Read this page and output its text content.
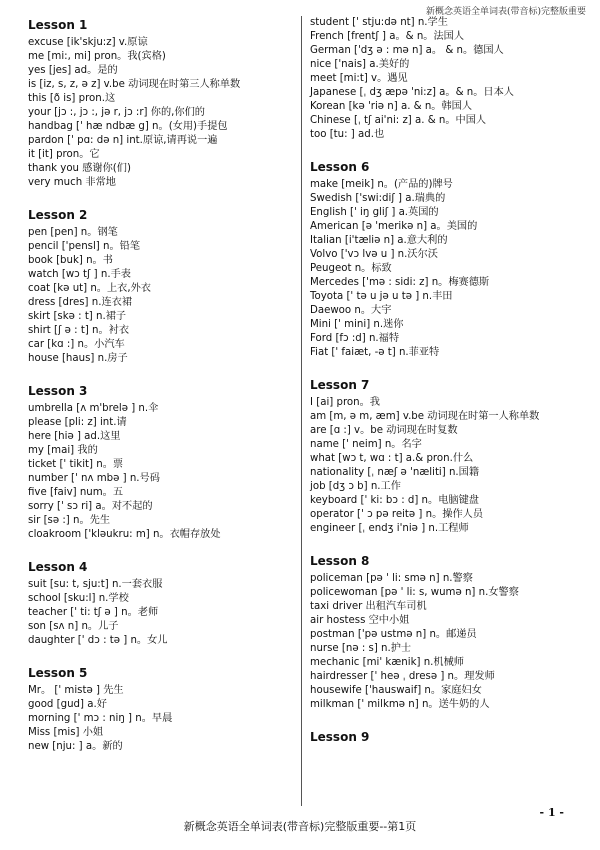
新概念英语全单词表(带音标)完整版重要
Lesson 1
excuse [ik'skju:z] v.原谅
me [mi:, mi] pron。我(宾格)
yes [jes] ad。是的
is [iz, s, z, ə z] v.be 动词现在时第三人称单数
this [ð is] pron.这
your [jɔ :, jɔ :, jə r, jɔ :r] 你的,你们的
handbag [' hæ ndbæ g] n。(女用)手提包
pardon [' pɑ: də n] int.原谅,请再说一遍
it [it] pron。它
thank you 感谢你(们)
very much 非常地
Lesson 2
pen [pen] n。钢笔
pencil ['pensl] n。铅笔
book [buk] n。书
watch [wɔ tʃ ] n.手表
coat [kə ut] n。上衣,外衣
dress [dres] n.连衣裙
skirt [skə : t] n.裙子
shirt [ʃ ə : t] n。衬衣
car [kɑ :] n。小汽车
house [haus] n.房子
Lesson 3
umbrella [ʌ m'brelə ] n.伞
please [pli: z] int.请
here [hiə ] ad.这里
my [mai] 我的
ticket [' tikit] n。票
number [' nʌ mbə ] n.号码
five [faiv] num。五
sorry [' sɔ ri] a。对不起的
sir [sə :] n。先生
cloakroom ['kləukru: m] n。衣帽存放处
Lesson 4
suit [su: t, sju:t] n.一套衣服
school [sku:l] n.学校
teacher [' ti: tʃ ə ] n。老师
son [sʌ n] n。儿子
daughter [' dɔ : tə ] n。女儿
Lesson 5
Mr。 [' mistə ] 先生
good [gud] a.好
morning [' mɔ : niŋ ] n。早晨
Miss [mis] 小姐
new [nju: ] a。新的
student [' stju:də nt] n.学生
French [frentʃ ] a。& n。法国人
German ['dʒ ə : mə n] a。 & n。德国人
nice ['nais] a.美好的
meet [mi:t] v。遇见
Japanese [ˌ dʒ æpə 'ni:z] a。& n。日本人
Korean [kə 'riə n] a. & n。韩国人
Chinese [ˌ tʃ ai'ni: z] a. & n。中国人
too [tu: ] ad.也
Lesson 6
make [meik] n。(产品的)牌号
Swedish ['swi:diʃ ] a.瑞典的
English [' iŋ gliʃ ] a.英国的
American [ə 'merikə n] a。美国的
Italian [i'tæliə n] a.意大利的
Volvo ['vɔ lvə u ] n.沃尔沃
Peugeot n。标致
Mercedes ['mə : sidi: z] n。梅赛德斯
Toyota [' tə u jə u tə ] n.丰田
Daewoo n。大宇
Mini [' mini] n.迷你
Ford [fɔ :d] n.福特
Fiat [' faiæt, -ə t] n.菲亚特
Lesson 7
I [ai] pron。我
am [m, ə m, æm] v.be 动词现在时第一人称单数
are [ɑ :] v。be 动词现在时复数
name [' neim] n。名字
what [wɔ t, wɑ : t] a.& pron.什么
nationality [ˌ næʃ ə 'næliti] n.国籍
job [dʒ ɔ b] n.工作
keyboard [' ki: bɔ : d] n。电脑键盘
operator [' ɔ pə reitə ] n。操作人员
engineer [ˌ endʒ i'niə ] n.工程师
Lesson 8
policeman [pə ' li: smə n] n.警察
policewoman [pə ' li: s, wumə n] n.女警察
taxi driver 出租汽车司机
air hostess 空中小姐
postman ['pə ustmə n] n。邮递员
nurse [nə : s] n.护士
mechanic [mi' kænik] n.机械师
hairdresser [' heə ˌ dresə ] n。理发师
housewife ['hauswaif] n。家庭妇女
milkman [' milkmə n] n。送牛奶的人
Lesson 9
- 1 -
新概念英语全单词表(带音标)完整版重要--第1页
